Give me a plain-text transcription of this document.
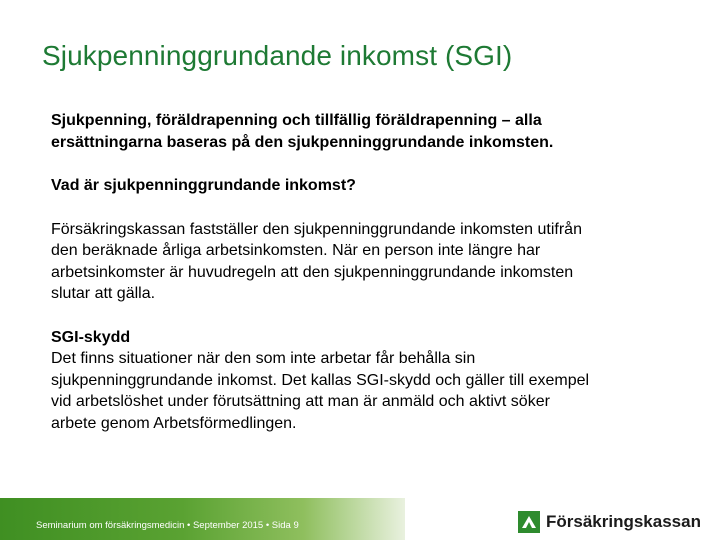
Sjukpenninggrundande inkomst (SGI)

Sjukpenning, föräldrapenning och tillfällig föräldrapenning – alla
ersättningarna baseras på den sjukpenninggrundande inkomsten.

Vad är sjukpenninggrundande inkomst?

Försäkringskassan fastställer den sjukpenninggrundande inkomsten utifrån
den beräknade årliga arbetsinkomsten. När en person inte längre har
arbetsinkomster är huvudregeln att den sjukpenninggrundande inkomsten
slutar att gälla.

SGI-skydd
Det finns situationer när den som inte arbetar får behålla sin
sjukpenninggrundande inkomst. Det kallas SGI-skydd och gäller till exempel
vid arbetslöshet under förutsättning att man är anmäld och aktivt söker
arbete genom Arbetsförmedlingen.

Seminarium om försäkringsmedicin • September 2015 • Sida 9	Försäkringskassan
